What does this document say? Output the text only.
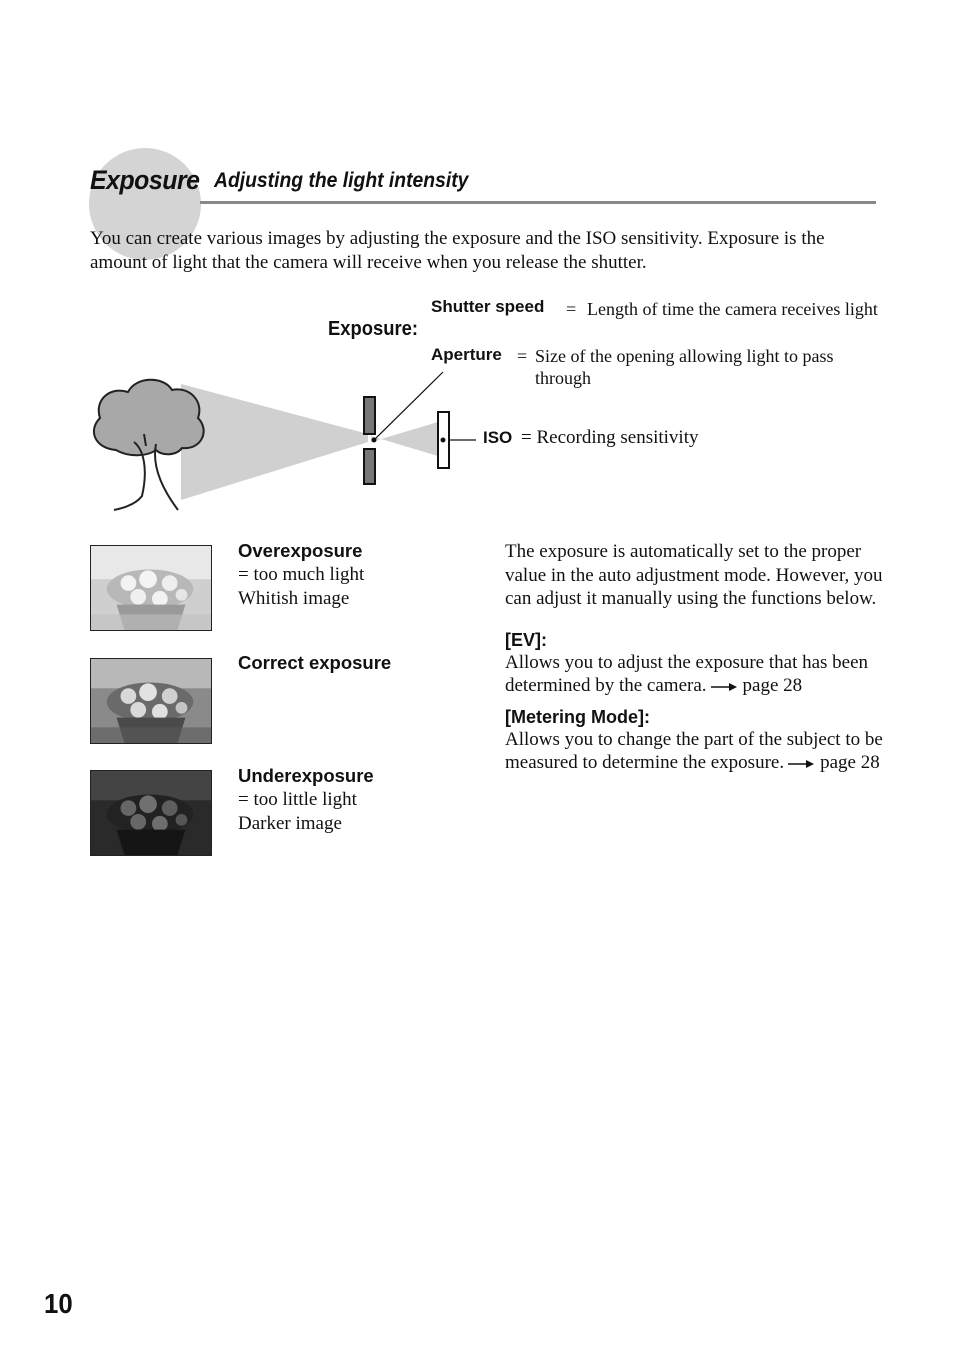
Exposure Adjusting the light intensity
You can create various images by adjusting the exposure and the ISO sensitivity. Exposure is the amount of light that the camera will receive when you release the shutter.
Exposure:
Shutter speed = Length of time the camera receives light
Aperture = Size of the opening allowing light to pass through
ISO = Recording sensitivity
Overexposure
= too much light
Whitish image
Correct exposure
Underexposure
= too little light
Darker image
The exposure is automatically set to the proper value in the auto adjustment mode. However, you can adjust it manually using the functions below.
[EV]:
Allows you to adjust the exposure that has been determined by the camera. page 28
[Metering Mode]:
Allows you to change the part of the subject to be measured to determine the exposure. page 28
10
